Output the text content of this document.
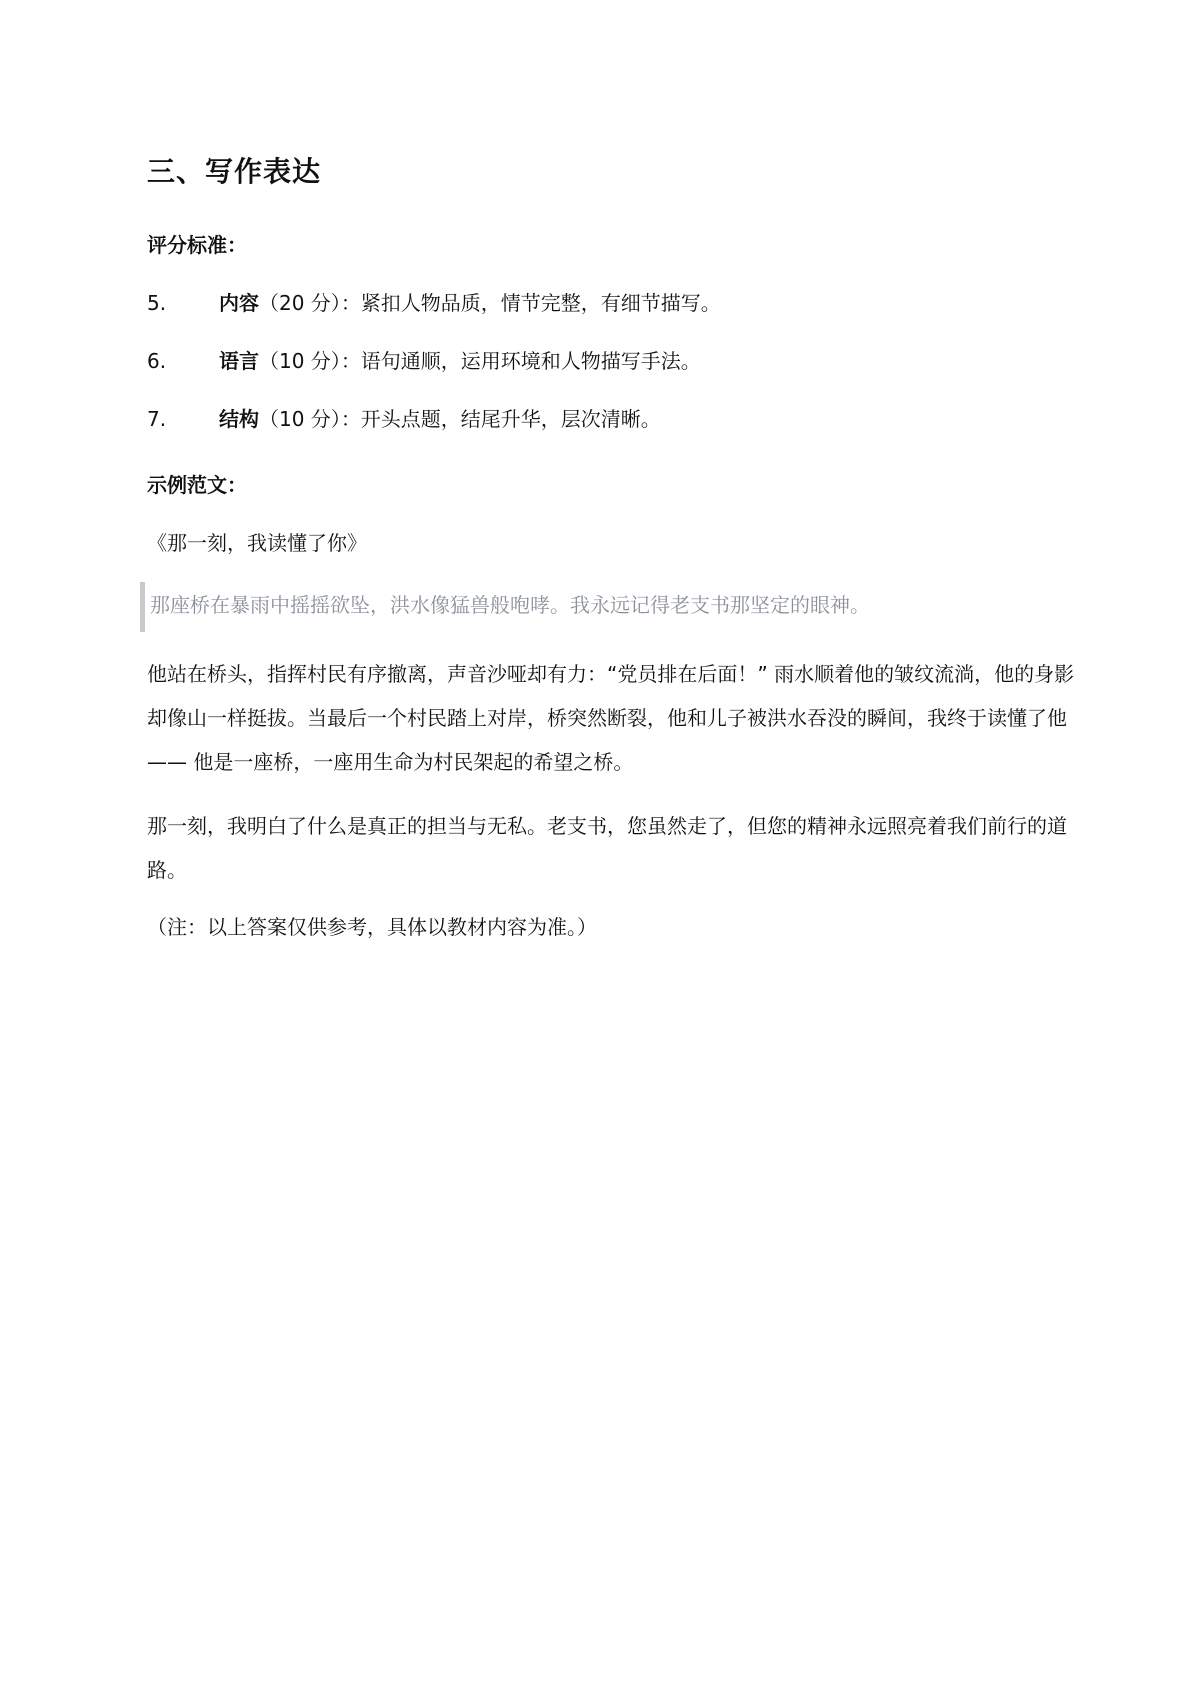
三、写作表达
评分标准：
5.	内容（20 分）：紧扣人物品质，情节完整，有细节描写。
6.	语言（10 分）：语句通顺，运用环境和人物描写手法。
7.	结构（10 分）：开头点题，结尾升华，层次清晰。
示例范文：
《那一刻，我读懂了你》
那座桥在暴雨中摇摇欲坠，洪水像猛兽般咆哮。我永远记得老支书那坚定的眼神。

他站在桥头，指挥村民有序撤离，声音沙哑却有力：“党员排在后面！” 雨水顺着他的皱纹流淌，他的身影却像山一样挺拔。当最后一个村民踏上对岸，桥突然断裂，他和儿子被洪水吞没的瞬间，我终于读懂了他 —— 他是一座桥，一座用生命为村民架起的希望之桥。

那一刻，我明白了什么是真正的担当与无私。老支书，您虽然走了，但您的精神永远照亮着我们前行的道路。

（注：以上答案仅供参考，具体以教材内容为准。）
